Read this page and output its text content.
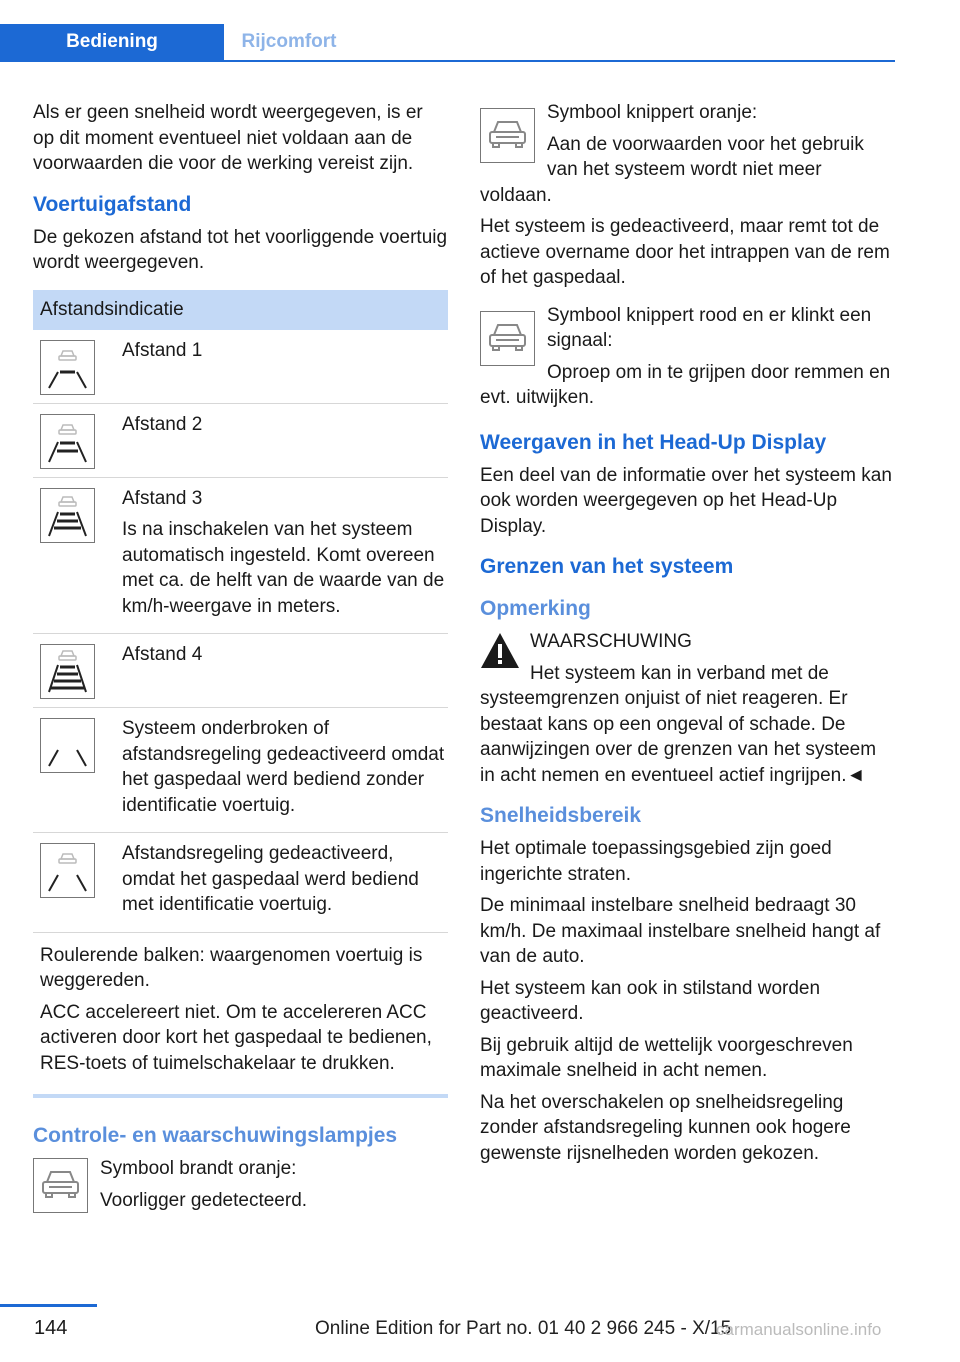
Bediening	Rijcomfort

Als er geen snelheid wordt weergegeven, is er op dit moment eventueel niet voldaan aan de voorwaarden die voor de werking vereist zijn.

Voertuigafstand

De gekozen afstand tot het voorliggende voertuig wordt weergegeven.

Afstandsindicatie

Afstand 1

Afstand 2

Afstand 3

Is na inschakelen van het systeem automatisch ingesteld. Komt overeen met ca. de helft van de waarde van de km/h-weergave in meters.

Afstand 4

Systeem onderbroken of afstandsregeling gedeactiveerd omdat het gaspedaal werd bediend zonder identificatie voertuig.

Afstandsregeling gedeactiveerd, omdat het gaspedaal werd bediend met identificatie voertuig.

Roulerende balken: waargenomen voertuig is weggereden.

ACC accelereert niet. Om te accelereren ACC activeren door kort het gaspedaal te bedienen, RES-toets of tuimelschakelaar te drukken.

Controle- en waarschuwingslampjes

Symbool brandt oranje:

Voorligger gedetecteerd.

Symbool knippert oranje:

Aan de voorwaarden voor het gebruik van het systeem wordt niet meer voldaan.

Het systeem is gedeactiveerd, maar remt tot de actieve overname door het intrappen van de rem of het gaspedaal.

Symbool knippert rood en er klinkt een signaal:

Oproep om in te grijpen door remmen en evt. uitwijken.

Weergaven in het Head-Up Display

Een deel van de informatie over het systeem kan ook worden weergegeven op het Head-Up Display.

Grenzen van het systeem
Opmerking

WAARSCHUWING

Het systeem kan in verband met de systeemgrenzen onjuist of niet reageren. Er bestaat kans op een ongeval of schade. De aanwijzingen over de grenzen van het systeem in acht nemen en eventueel actief ingrijpen.◄

Snelheidsbereik

Het optimale toepassingsgebied zijn goed ingerichte straten.

De minimaal instelbare snelheid bedraagt 30 km/h. De maximaal instelbare snelheid hangt af van de auto.

Het systeem kan ook in stilstand worden geactiveerd.

Bij gebruik altijd de wettelijk voorgeschreven maximale snelheid in acht nemen.

Na het overschakelen op snelheidsregeling zonder afstandsregeling kunnen ook hogere gewenste rijsnelheden worden gekozen.

144	Online Edition for Part no. 01 40 2 966 245 - X/15
carmanualsonline.info
